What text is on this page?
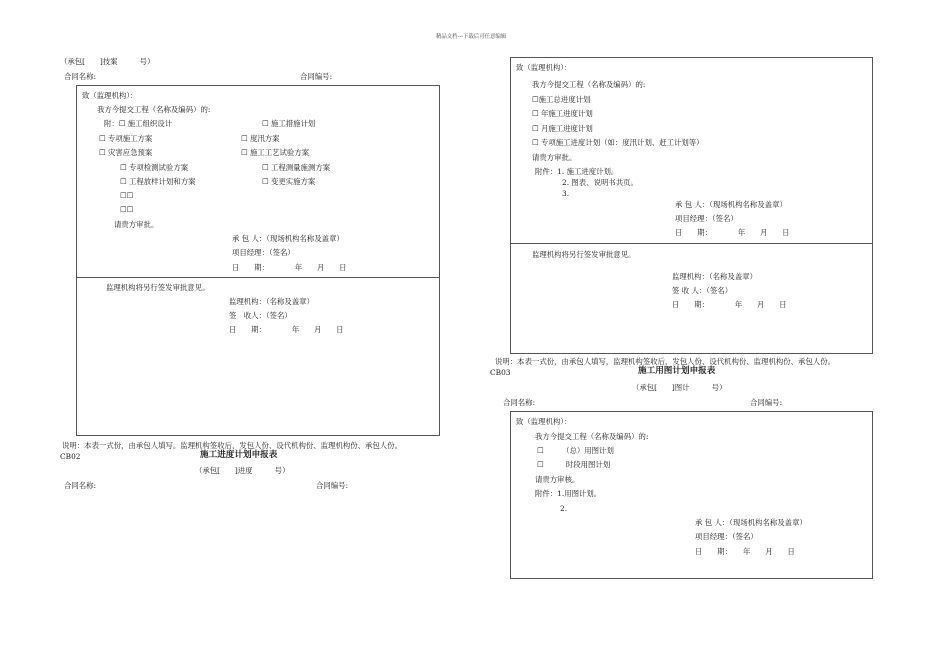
精品文档---下载后可任意编辑
（承包[　　]技案　　　号）
合同名称:	合同编号:
致（监理机构）：
我方今提交工程（名称及编码）的:
附：☐ 施工组织设计	☐ 施工措施计划
☐ 专项施工方案	☐ 度汛方案
☐ 灾害应急预案	☐ 施工工艺试验方案
☐ 专项检测试验方案	☐ 工程测量施测方案
☐ 工程放样计划和方案	☐ 变更实施方案
☐☐
☐☐
请贵方审批。
承 包 人：（现场机构名称及盖章）
项目经理：（签名）
日　　期：　　　　年　　月　　日
监理机构将另行签发审批意见。
监理机构：（名称及盖章）
签　收人：（签名）
日　　期：　　　　年　　月　　日
说明：本表一式份，由承包人填写。监理机构签收后，发包人份、设代机构份、监理机构份、承包人份。
CB02	施工进度计划申报表
（承包[　　]进度　　　号）
合同名称:	合同编号:
致（监理机构）：
我方今提交工程（名称及编码）的:
☐施工总进度计划
☐ 年施工进度计划
☐ 月施工进度计划
☐ 专项施工进度计划（如：度汛计划、赶工计划等）
请贵方审批。
附件：1. 施工进度计划。
2. 图表、说明书共页。
3.
承 包 人：（现场机构名称及盖章）
项目经理：（签名）
日　　期：　　　　年　　月　　日
监理机构将另行签发审批意见。
监理机构：（名称及盖章）
签 收 人：（签名）
日　　期：　　　　年　　月　　日
说明：本表一式份，由承包人填写，监理机构签收后，发包人份、设代机构份、监理机构份、承包人份。
CB03	施工用图计划申报表
（承包[　　]图计　　　号）
合同名称:	合同编号:
致（监理机构）：
我方今提交工程（名称及编码）的:
☐　　　（总）用图计划
☐　　　时段用图计划
请贵方审核。
附件：1.用图计划。
2.
承 包 人：（现场机构名称及盖章）
项目经理：（签名）
日　　期：　　年　　月　　日
